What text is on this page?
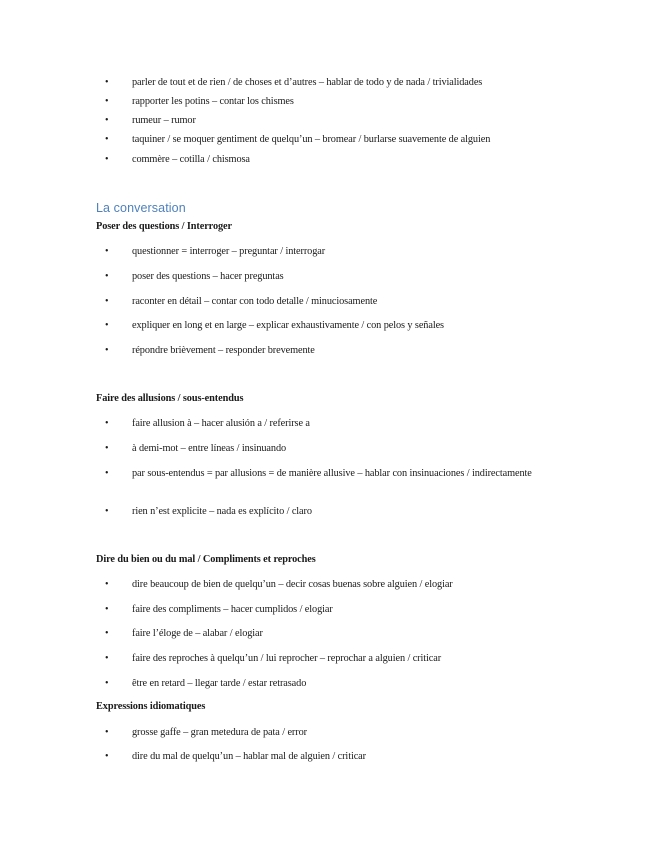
•	parler de tout et de rien / de choses et d’autres – hablar de todo y de nada / trivialidades
•	rapporter les potins – contar los chismes
•	rumeur – rumor
•	taquiner / se moquer gentiment de quelqu’un – bromear / burlarse suavemente de alguien
•	commère – cotilla / chismosa
La conversation
Poser des questions / Interroger
•	questionner = interroger – preguntar / interrogar
•	poser des questions – hacer preguntas
•	raconter en détail – contar con todo detalle / minuciosamente
•	expliquer en long et en large – explicar exhaustivamente / con pelos y señales
•	répondre brièvement – responder brevemente
Faire des allusions / sous-entendus
•	faire allusion à – hacer alusión a / referirse a
•	à demi-mot – entre líneas / insinuando
•	par sous-entendus = par allusions = de manière allusive – hablar con insinuaciones / indirectamente
•	rien n’est explicite – nada es explícito / claro
Dire du bien ou du mal / Compliments et reproches
•	dire beaucoup de bien de quelqu’un – decir cosas buenas sobre alguien / elogiar
•	faire des compliments – hacer cumplidos / elogiar
•	faire l’éloge de – alabar / elogiar
•	faire des reproches à quelqu’un / lui reprocher – reprochar a alguien / criticar
•	être en retard – llegar tarde / estar retrasado
Expressions idiomatiques
•	grosse gaffe – gran metedura de pata / error
•	dire du mal de quelqu’un – hablar mal de alguien / criticar
